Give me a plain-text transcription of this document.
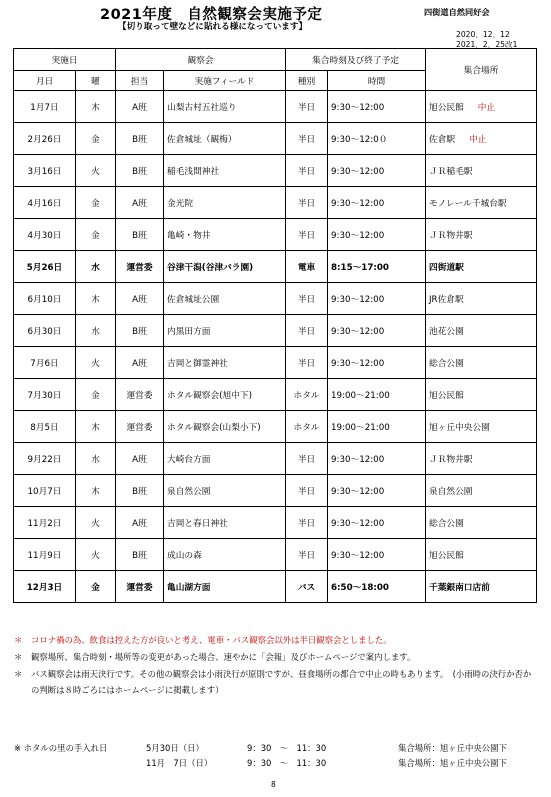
2021年度　自然観察会実施予定
【切り取って壁などに貼れる様になっています】
四街道自然同好会
2020．12．12
2021．2．25改1
実施日		観察会		集合時刻及び終了予定		集合場所
月日	曜	担当	実施フィールド	種別	時間	
1月7日	木	A班	山梨古村五社巡り	半日	9:30～12:00	旭公民館 中止
2月26日	金	B班	佐倉城址（観梅）	半日	9:30～12:0０	佐倉駅 中止
3月16日	火	B班	稲毛浅間神社	半日	9:30～12:00	ＪＲ稲毛駅
4月16日	金	A班	金光院	半日	9:30～12:00	モノレール千城台駅
4月30日	金	B班	亀崎・物井	半日	9:30～12:00	ＪＲ物井駅
5月26日	水	運営委	谷津干潟(谷津バラ園)	電車	8:15～17:00	四街道駅
6月10日	木	A班	佐倉城址公園	半日	9:30～12:00	JR佐倉駅
6月30日	水	B班	内黒田方面	半日	9:30～12:00	池花公園
7月6日	火	A班	吉岡と御霊神社	半日	9:30～12:00	総合公園
7月30日	金	運営委	ホタル観察会(旭中下)	ホタル	19:00～21:00	旭公民館
8月5日	木	運営委	ホタル観察会(山梨小下)	ホタル	19:00～21:00	旭ヶ丘中央公園
9月22日	水	A班	大崎台方面	半日	9:30～12:00	ＪＲ物井駅
10月7日	木	B班	泉自然公園	半日	9:30～12:00	泉自然公園
11月2日	火	A班	吉岡と春日神社	半日	9:30～12:00	総合公園
11月9日	火	B班	成山の森	半日	9:30～12:00	旭公民館
12月3日	金	運営委	亀山湖方面	バス	6:50～18:00	千葉銀南口店前
＊ コロナ禍の為、飲食は控えた方が良いと考え、電車・バス観察会以外は半日観察会としました。
＊ 観察場所、集合時刻・場所等の変更があった場合、速やかに「会報」及びホームページで案内します。
＊ バス観察会は雨天決行です。その他の観察会は小雨決行が原則ですが、昼食場所の都合で中止の時もあります。　(小雨時の決行か否かの判断は８時ごろにはホームページに掲載します）
※ ホタルの里の手入れ日	5月30日（日）	9：30　～　11：30	集合場所：旭ヶ丘中央公園下
11月　7日（日）	9：30　～　11：30	集合場所：旭ヶ丘中央公園下
8
